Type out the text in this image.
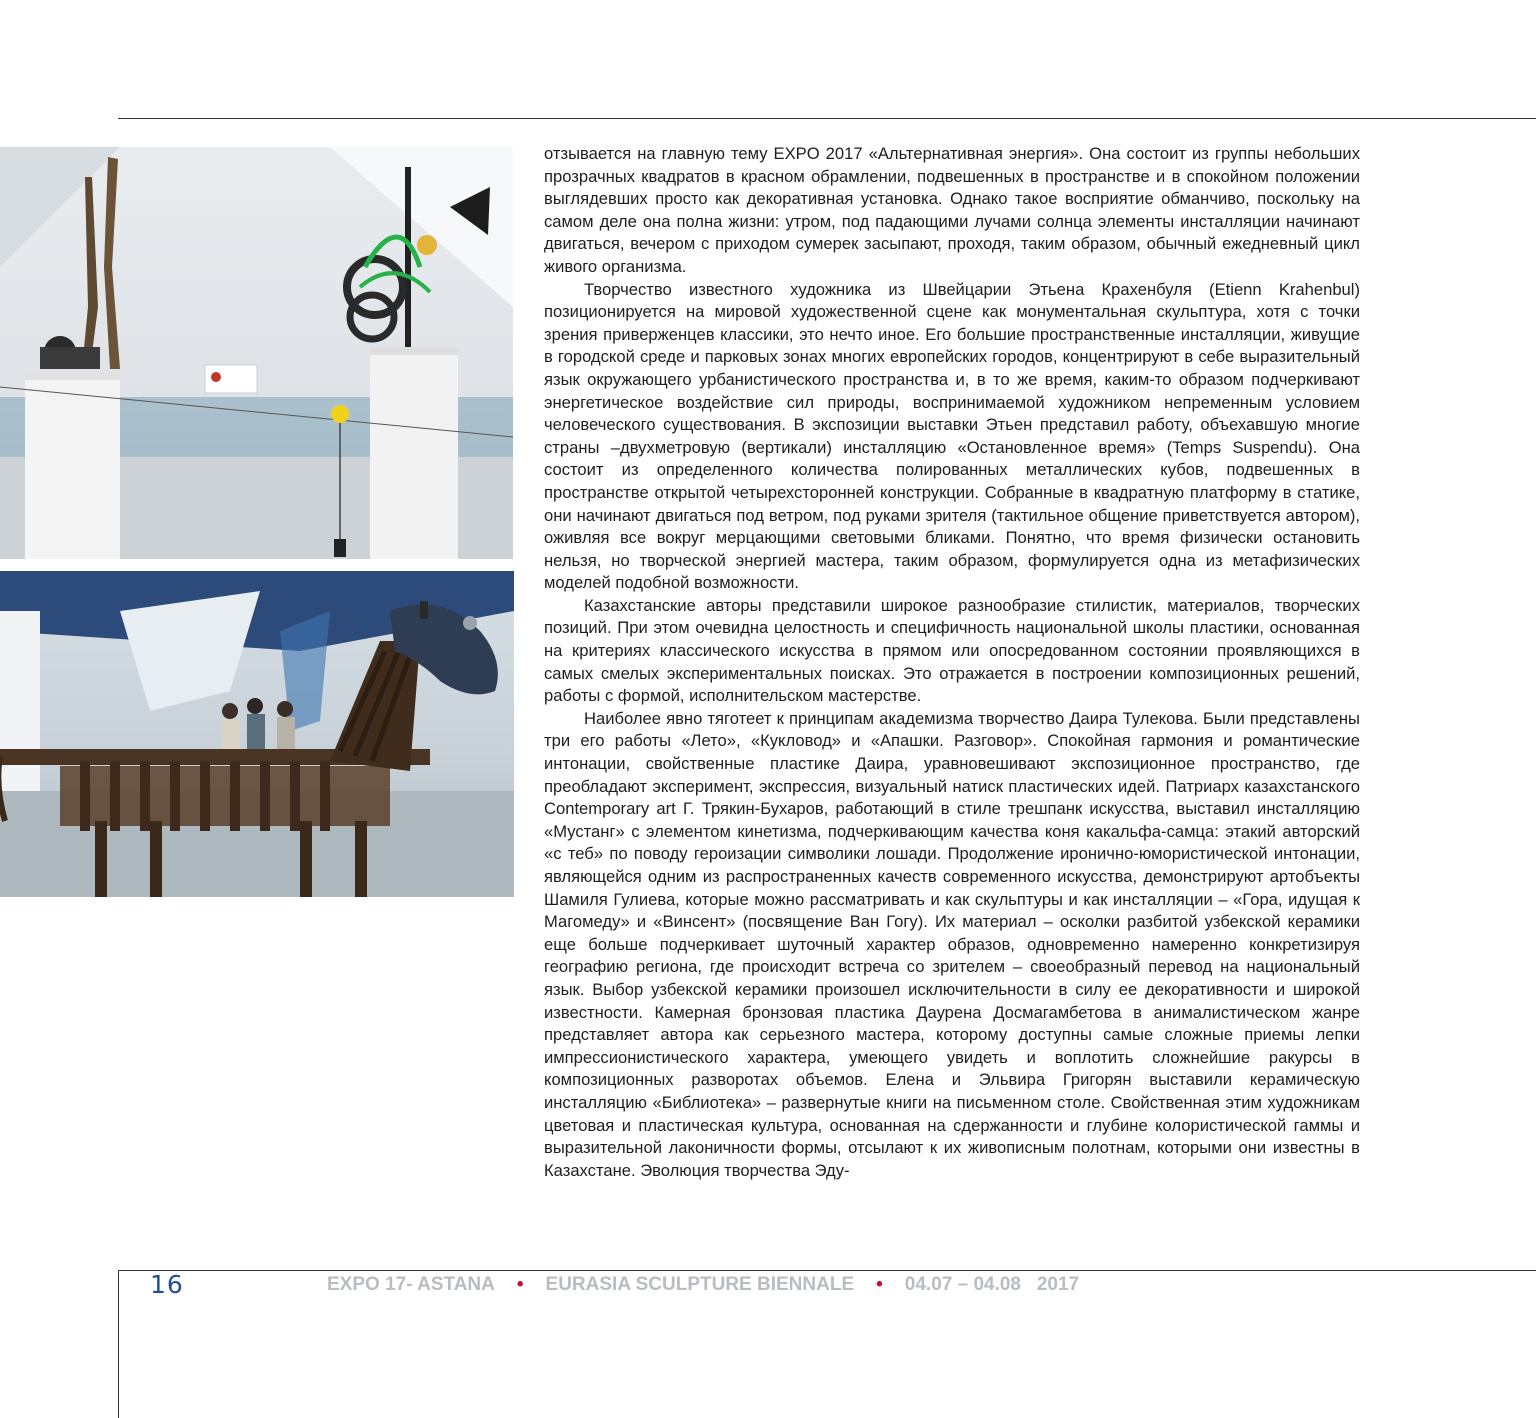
отзывается на главную тему EXPO 2017 «Альтернативная энергия». Она состоит из группы небольших прозрачных квадратов в красном обрамлении, подвешенных в пространстве и в спокойном положении выглядевших просто как декоративная установка. Однако такое восприятие обманчиво, поскольку на самом деле она полна жизни: утром, под падающими лучами солнца элементы инсталляции начинают двигаться, вечером с приходом сумерек засыпают, проходя, таким образом, обычный ежедневный цикл живого организма.

Творчество известного художника из Швейцарии Этьена Крахенбуля (Etienn Krahenbul) позиционируется на мировой художественной сцене как монументальная скульптура, хотя с точки зрения приверженцев классики, это нечто иное. Его большие пространственные инсталляции, живущие в городской среде и парковых зонах многих европейских городов, концентрируют в себе выразительный язык окружающего урбанистического пространства и, в то же время, каким-то образом подчеркивают энергетическое воздействие сил природы, воспринимаемой художником непременным условием человеческого существования. В экспозиции выставки Этьен представил работу, объехавшую многие страны –двухметровую (вертикали) инсталляцию «Остановленное время» (Temps Suspendu). Она состоит из определенного количества полированных металлических кубов, подвешенных в пространстве открытой четырехсторонней конструкции. Собранные в квадратную платформу в статике, они начинают двигаться под ветром, под руками зрителя (тактильное общение приветствуется автором), оживляя все вокруг мерцающими световыми бликами. Понятно, что время физически остановить нельзя, но творческой энергией мастера, таким образом, формулируется одна из метафизических моделей подобной возможности.

Казахстанские авторы представили широкое разнообразие стилистик, материалов, творческих позиций. При этом очевидна целостность и специфичность национальной школы пластики, основанная на критериях классического искусства в прямом или опосредованном состоянии проявляющихся в самых смелых экспериментальных поисках. Это отражается в построении композиционных решений, работы с формой, исполнительском мастерстве.

Наиболее явно тяготеет к принципам академизма творчество Даира Тулекова. Были представлены три его работы «Лето», «Кукловод» и «Апашки. Разговор». Спокойная гармония и романтические интонации, свойственные пластике Даира, уравновешивают экспозиционное пространство, где преобладают эксперимент, экспрессия, визуальный натиск пластических идей. Патриарх казахстанского Contemporary art Г. Трякин-Бухаров, работающий в стиле трешпанк искусства, выставил инсталляцию «Мустанг» с элементом кинетизма, подчеркивающим качества коня какальфа-самца: этакий авторский «с теб» по поводу героизации символики лошади. Продолжение иронично-юмористической интонации, являющейся одним из распространенных качеств современного искусства, демонстрируют артобъекты Шамиля Гулиева, которые можно рассматривать и как скульптуры и как инсталляции – «Гора, идущая к Магомеду» и «Винсент» (посвящение Ван Гогу). Их материал – осколки разбитой узбекской керамики еще больше подчеркивает шуточный характер образов, одновременно намеренно конкретизируя географию региона, где происходит встреча со зрителем – своеобразный перевод на национальный язык. Выбор узбекской керамики произошел исключительности в силу ее декоративности и широкой известности. Камерная бронзовая пластика Даурена Досмагамбетова в анималистическом жанре представляет автора как серьезного мастера, которому доступны самые сложные приемы лепки импрессионистического характера, умеющего увидеть и воплотить сложнейшие ракурсы в композиционных разворотах объемов. Елена и Эльвира Григорян выставили керамическую инсталляцию «Библиотека» – развернутые книги на письменном столе. Свойственная этим художникам цветовая и пластическая культура, основанная на сдержанности и глубине колористической гаммы и выразительной лаконичности формы, отсылают к их живописным полотнам, которыми они известны в Казахстане. Эволюция творчества Эду-

16	EXPO 17- ASTANA • EURASIA SCULPTURE BIENNALE • 04.07 – 04.08   2017
